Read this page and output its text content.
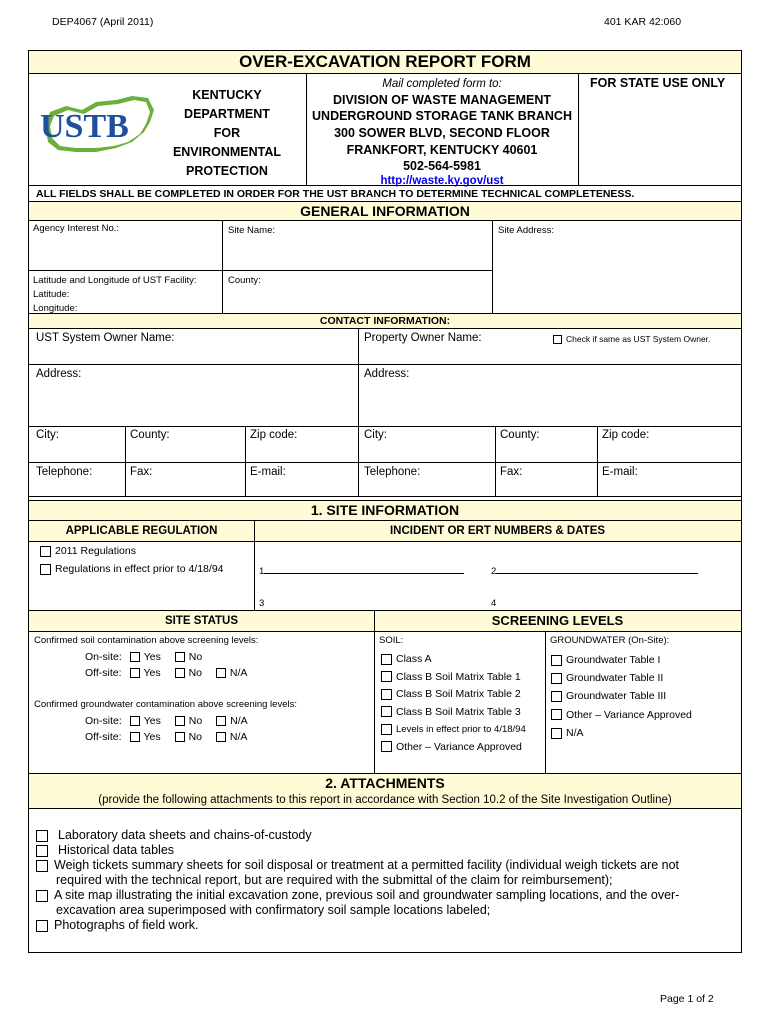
DEP4067 (April 2011)	401 KAR 42:060
OVER-EXCAVATION REPORT FORM
USTB
KENTUCKY
DEPARTMENT
FOR
ENVIRONMENTAL
PROTECTION
Mail completed form to:
DIVISION OF WASTE MANAGEMENT
UNDERGROUND STORAGE TANK BRANCH
300 SOWER BLVD, SECOND FLOOR
FRANKFORT, KENTUCKY 40601
502-564-5981
http://waste.ky.gov/ust
FOR STATE USE ONLY
ALL FIELDS SHALL BE COMPLETED IN ORDER FOR THE UST BRANCH TO DETERMINE TECHNICAL COMPLETENESS.
GENERAL INFORMATION
Agency Interest No.:	Site Name:	Site Address:
Latitude and Longitude of UST Facility:
Latitude:
Longitude:
County:
CONTACT INFORMATION:
UST System Owner Name:	Property Owner Name:	Check if same as UST System Owner.
Address:	Address:
City:	County:	Zip code:	City:	County:	Zip code:
Telephone:	Fax:	E-mail:	Telephone:	Fax:	E-mail:
1. SITE INFORMATION
APPLICABLE REGULATION	INCIDENT OR ERT NUMBERS & DATES
2011 Regulations
Regulations in effect prior to 4/18/94	1	2
3	4
SITE STATUS	SCREENING LEVELS
Confirmed soil contamination above screening levels:
On-site: Yes	No
Off-site: Yes	No	N/A
Confirmed groundwater contamination above screening levels:
On-site: Yes	No	N/A
Off-site: Yes	No	N/A
SOIL:	GROUNDWATER (On-Site):
Class A
Class B Soil Matrix Table 1
Class B Soil Matrix Table 2
Class B Soil Matrix Table 3
Levels in effect prior to 4/18/94
Other – Variance Approved
Groundwater Table I
Groundwater Table II
Groundwater Table III
Other – Variance Approved
N/A
2. ATTACHMENTS
(provide the following attachments to this report in accordance with Section 10.2 of the Site Investigation Outline)
Laboratory data sheets and chains-of-custody
Historical data tables
Weigh tickets summary sheets for soil disposal or treatment at a permitted facility (individual weigh tickets are not
required with the technical report, but are required with the submittal of the claim for reimbursement);
A site map illustrating the initial excavation zone, previous soil and groundwater sampling locations, and the over-
excavation area superimposed with confirmatory soil sample locations labeled;
Photographs of field work.
Page 1 of 2
